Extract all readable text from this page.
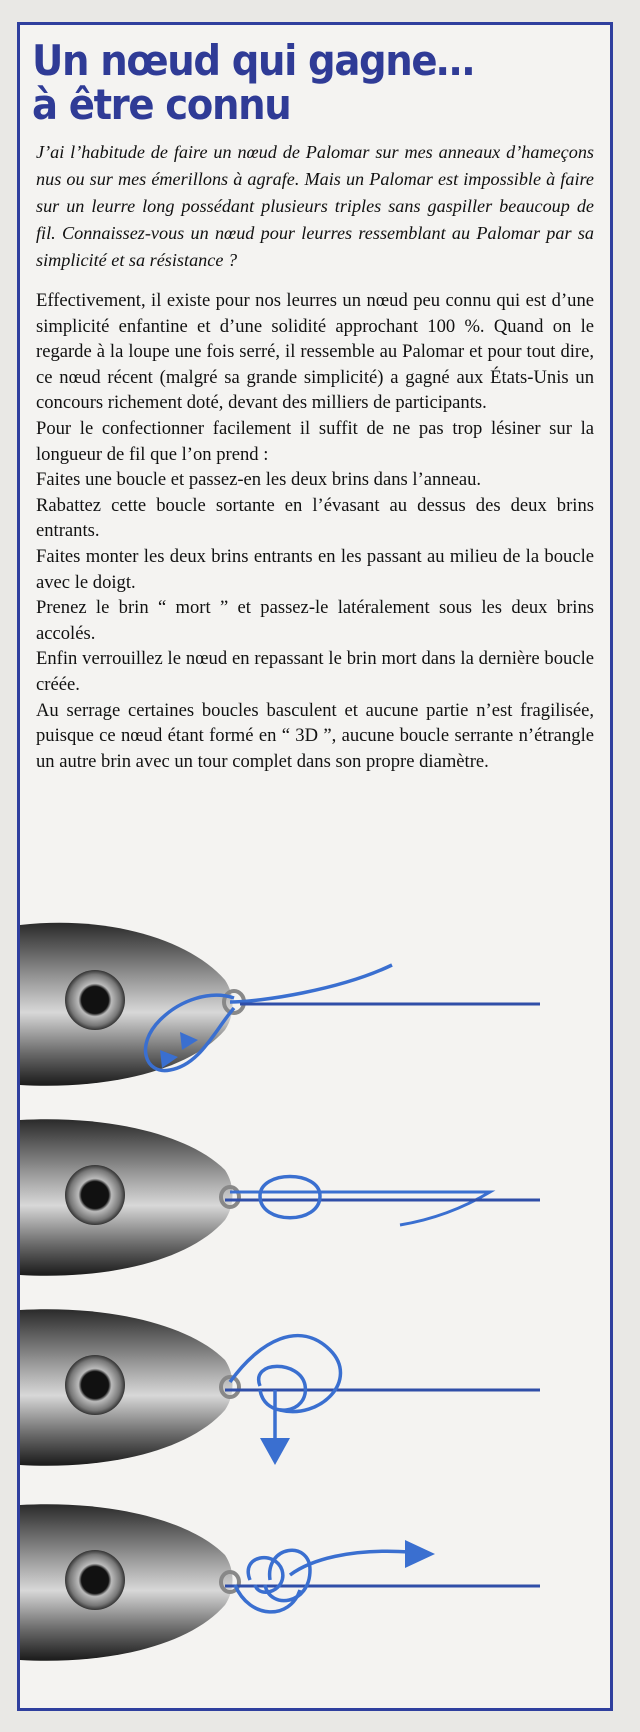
Un nœud qui gagne…
à être connu
J’ai l’habitude de faire un nœud de Palomar sur mes anneaux d’hameçons nus ou sur mes émerillons à agrafe. Mais un Palomar est impossible à faire sur un leurre long possédant plusieurs triples sans gaspiller beaucoup de fil. Connaissez-vous un nœud pour leurres ressemblant au Palomar par sa simplicité et sa résistance ?

Effectivement, il existe pour nos leurres un nœud peu connu qui est d’une simplicité enfantine et d’une solidité approchant 100 %. Quand on le regarde à la loupe une fois serré, il ressemble au Palomar et pour tout dire, ce nœud récent (malgré sa grande simplicité) a gagné aux États-Unis un concours richement doté, devant des milliers de participants.

Pour le confectionner facilement il suffit de ne pas trop lésiner sur la longueur de fil que l’on prend :

Faites une boucle et passez-en les deux brins dans l’anneau.

Rabattez cette boucle sortante en l’évasant au dessus des deux brins entrants.

Faites monter les deux brins entrants en les passant au milieu de la boucle avec le doigt.

Prenez le brin “ mort ” et passez-le latéralement sous les deux brins accolés.

Enfin verrouillez le nœud en repassant le brin mort dans la dernière boucle créée.

Au serrage certaines boucles basculent et aucune partie n’est fragilisée, puisque ce nœud étant formé en “ 3D ”, aucune boucle serrante n’étrangle un autre brin avec un tour complet dans son propre diamètre.
